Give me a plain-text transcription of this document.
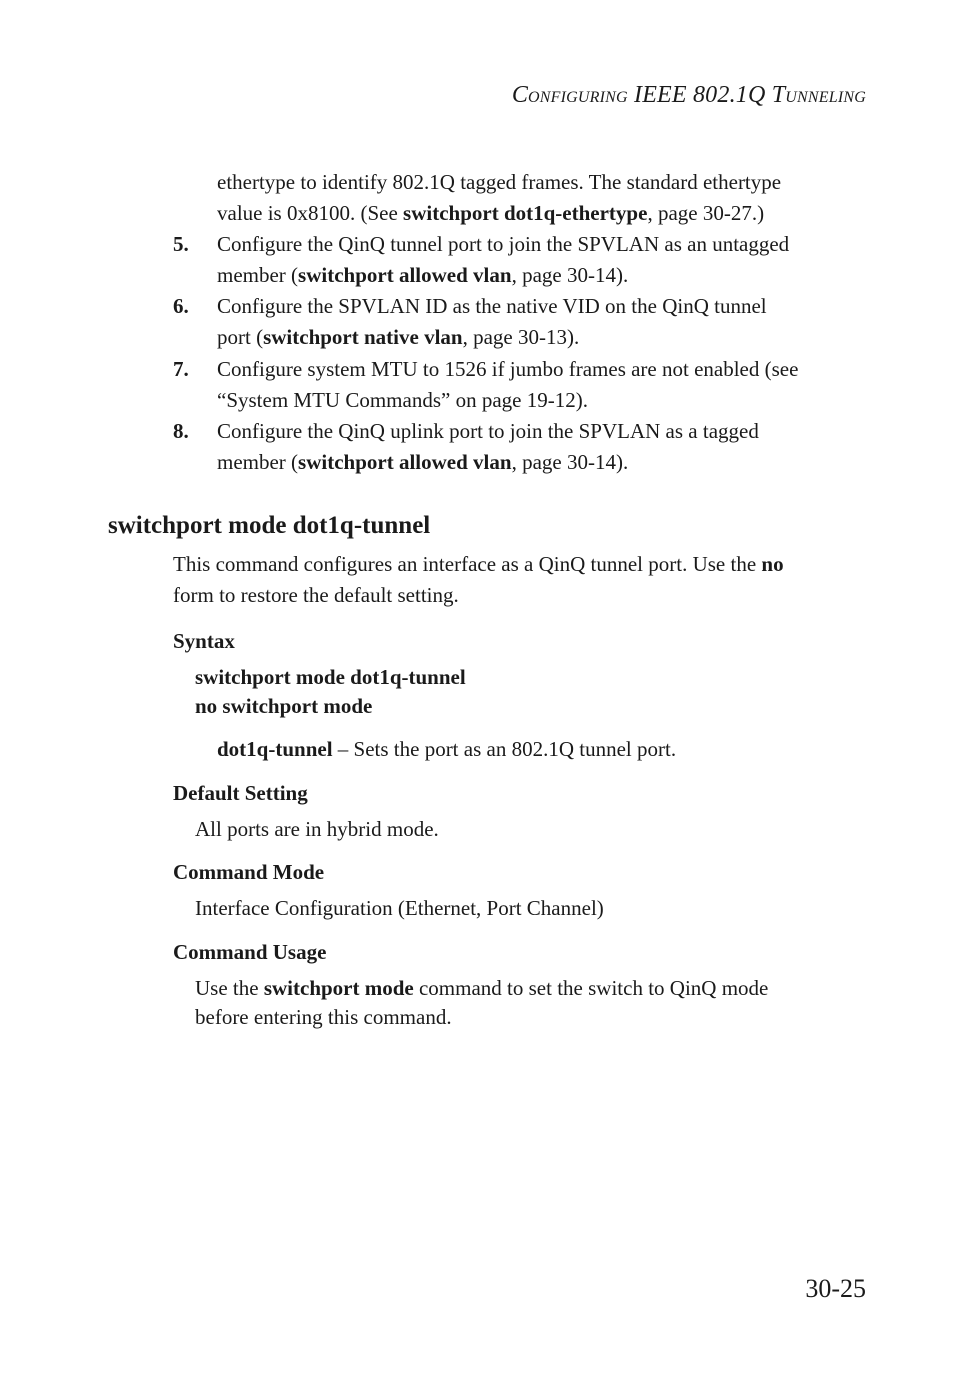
CONFIGURING IEEE 802.1Q TUNNELING
ethertype to identify 802.1Q tagged frames. The standard ethertype
value is 0x8100. (See switchport dot1q-ethertype, page 30-27.)
5. Configure the QinQ tunnel port to join the SPVLAN as an untagged
member (switchport allowed vlan, page 30-14).
6. Configure the SPVLAN ID as the native VID on the QinQ tunnel
port (switchport native vlan, page 30-13).
7. Configure system MTU to 1526 if jumbo frames are not enabled (see
“System MTU Commands” on page 19-12).
8. Configure the QinQ uplink port to join the SPVLAN as a tagged
member (switchport allowed vlan, page 30-14).
switchport mode dot1q-tunnel
This command configures an interface as a QinQ tunnel port. Use the no
form to restore the default setting.
Syntax
switchport mode dot1q-tunnel
no switchport mode
dot1q-tunnel – Sets the port as an 802.1Q tunnel port.
Default Setting
All ports are in hybrid mode.
Command Mode
Interface Configuration (Ethernet, Port Channel)
Command Usage
Use the switchport mode command to set the switch to QinQ mode
before entering this command.
30-25
